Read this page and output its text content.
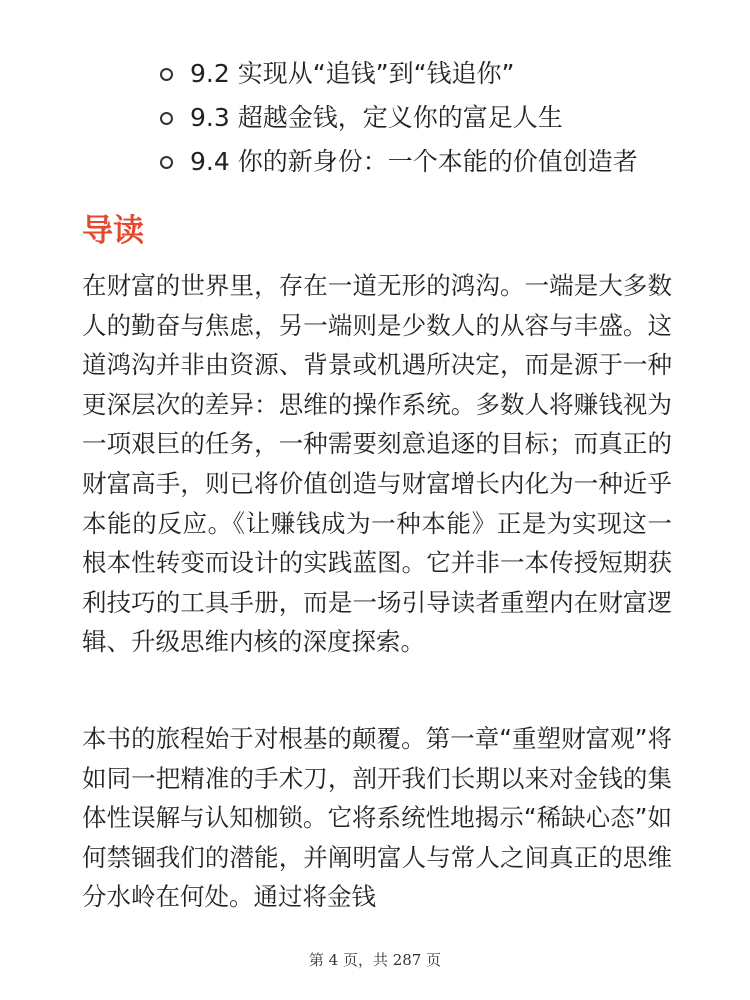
9.2 实现从“追钱”到“钱追你”
9.3 超越金钱，定义你的富足人生
9.4 你的新身份：一个本能的价值创造者
导读

在财富的世界里，存在一道无形的鸿沟。一端是大多数人的勤奋与焦虑，另一端则是少数人的从容与丰盛。这道鸿沟并非由资源、背景或机遇所决定，而是源于一种更深层次的差异：思维的操作系统。多数人将赚钱视为一项艰巨的任务，一种需要刻意追逐的目标；而真正的财富高手，则已将价值创造与财富增长内化为一种近乎本能的反应。《让赚钱成为一种本能》正是为实现这一根本性转变而设计的实践蓝图。它并非一本传授短期获利技巧的工具手册，而是一场引导读者重塑内在财富逻辑、升级思维内核的深度探索。

本书的旅程始于对根基的颠覆。第一章“重塑财富观”将如同一把精准的手术刀，剖开我们长期以来对金钱的集体性误解与认知枷锁。它将系统性地揭示“稀缺心态”如何禁锢我们的潜能，并阐明富人与常人之间真正的思维分水岭在何处。通过将金钱

第 4 页，共 287 页
